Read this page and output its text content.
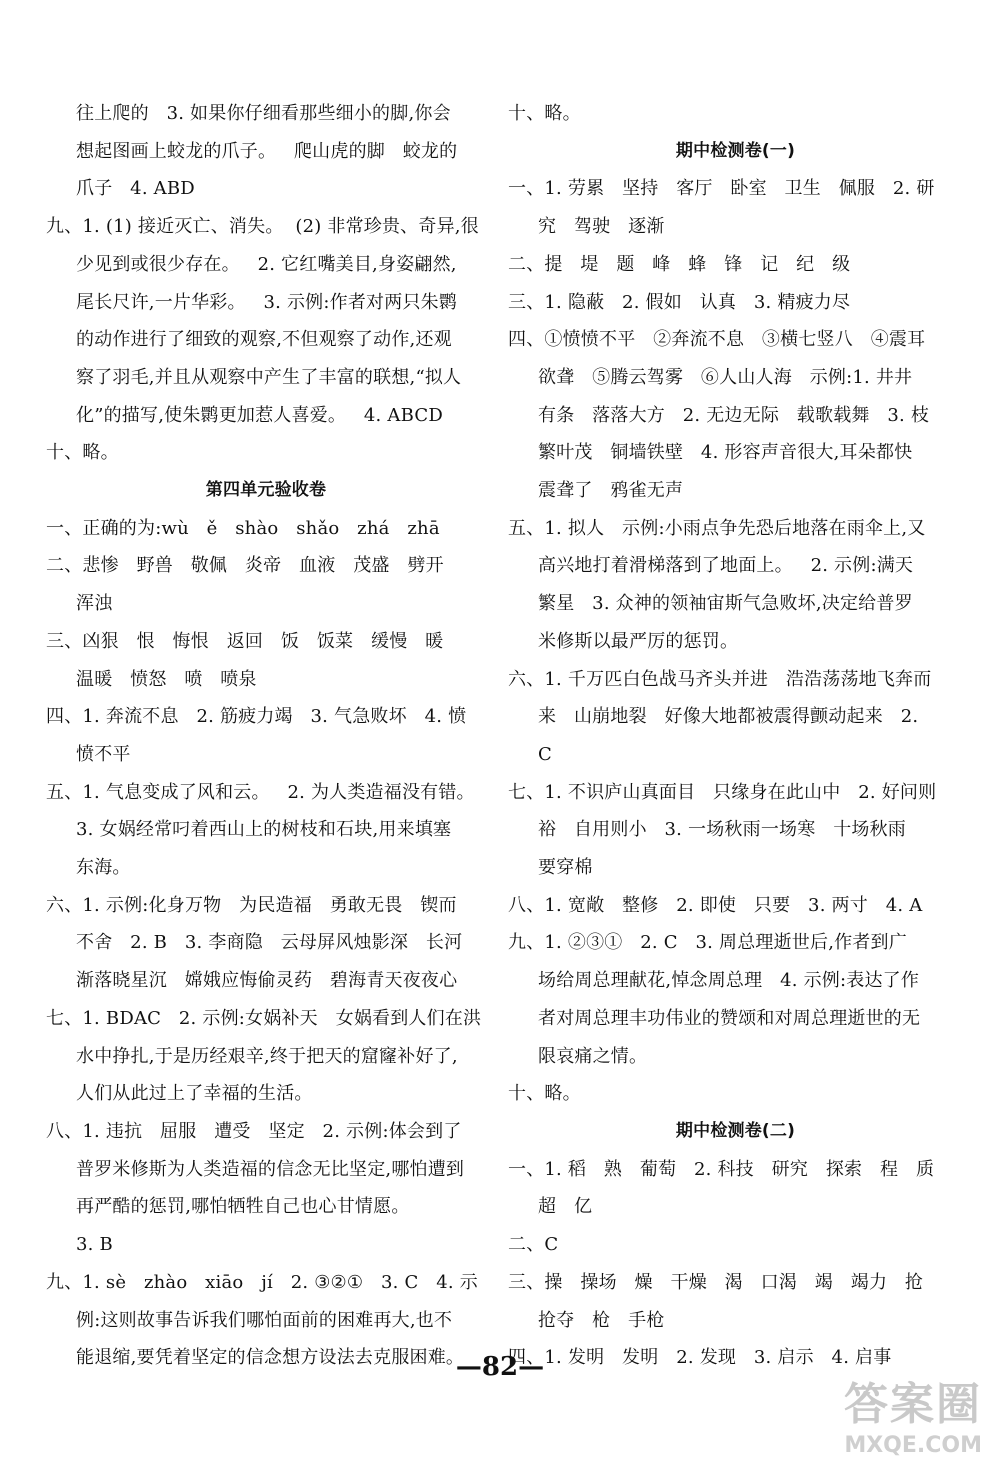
往上爬的   3. 如果你仔细看那些细小的脚,你会

想起图画上蛟龙的爪子。   爬山虎的脚   蛟龙的

爪子   4. ABD

九、1. (1) 接近灭亡、消失。  (2) 非常珍贵、奇异,很

少见到或很少存在。   2. 它红嘴美目,身姿翩然,

尾长尺许,一片华彩。   3. 示例:作者对两只朱鹮

的动作进行了细致的观察,不但观察了动作,还观

察了羽毛,并且从观察中产生了丰富的联想,“拟人

化”的描写,使朱鹮更加惹人喜爱。   4. ABCD

十、略。

第四单元验收卷

一、正确的为:wù   ě   shào   shǎo   zhá   zhā

二、悲惨   野兽   敬佩   炎帝   血液   茂盛   劈开

浑浊

三、凶狠   恨   悔恨   返回   饭   饭菜   缓慢   暖

温暖   愤怒   喷   喷泉

四、1. 奔流不息   2. 筋疲力竭   3. 气急败坏   4. 愤

愤不平

五、1. 气息变成了风和云。   2. 为人类造福没有错。

3. 女娲经常叼着西山上的树枝和石块,用来填塞

东海。

六、1. 示例:化身万物   为民造福   勇敢无畏   锲而

不舍   2. B   3. 李商隐   云母屏风烛影深   长河

渐落晓星沉   嫦娥应悔偷灵药   碧海青天夜夜心

七、1. BDAC   2. 示例:女娲补天   女娲看到人们在洪

水中挣扎,于是历经艰辛,终于把天的窟窿补好了,

人们从此过上了幸福的生活。

八、1. 违抗   屈服   遭受   坚定   2. 示例:体会到了

普罗米修斯为人类造福的信念无比坚定,哪怕遭到

再严酷的惩罚,哪怕牺牲自己也心甘情愿。

3. B

九、1. sè   zhào   xiāo   jí   2. ③②①   3. C   4. 示

例:这则故事告诉我们哪怕面前的困难再大,也不

能退缩,要凭着坚定的信念想方设法去克服困难。

十、略。

期中检测卷(一)

一、1. 劳累   坚持   客厅   卧室   卫生   佩服   2. 研

究   驾驶   逐渐

二、提   堤   题   峰   蜂   锋   记   纪   级

三、1. 隐蔽   2. 假如   认真   3. 精疲力尽

四、①愤愤不平   ②奔流不息   ③横七竖八   ④震耳

欲聋   ⑤腾云驾雾   ⑥人山人海   示例:1. 井井

有条   落落大方   2. 无边无际   载歌载舞   3. 枝

繁叶茂   铜墙铁壁   4. 形容声音很大,耳朵都快

震聋了   鸦雀无声

五、1. 拟人   示例:小雨点争先恐后地落在雨伞上,又

高兴地打着滑梯落到了地面上。   2. 示例:满天

繁星   3. 众神的领袖宙斯气急败坏,决定给普罗

米修斯以最严厉的惩罚。

六、1. 千万匹白色战马齐头并进   浩浩荡荡地飞奔而

来   山崩地裂   好像大地都被震得颤动起来   2.

C

七、1. 不识庐山真面目   只缘身在此山中   2. 好问则

裕   自用则小   3. 一场秋雨一场寒   十场秋雨

要穿棉

八、1. 宽敞   整修   2. 即使   只要   3. 两寸   4. A

九、1. ②③①   2. C   3. 周总理逝世后,作者到广

场给周总理献花,悼念周总理   4. 示例:表达了作

者对周总理丰功伟业的赞颂和对周总理逝世的无

限哀痛之情。

十、略。

期中检测卷(二)

一、1. 稻   熟   葡萄   2. 科技   研究   探索   程   质

超   亿

二、C

三、操   操场   燥   干燥   渴   口渴   竭   竭力   抢

抢夺   枪   手枪

四、1. 发明   发明   2. 发现   3. 启示   4. 启事

—82—
答案圈
MXQE.COM
